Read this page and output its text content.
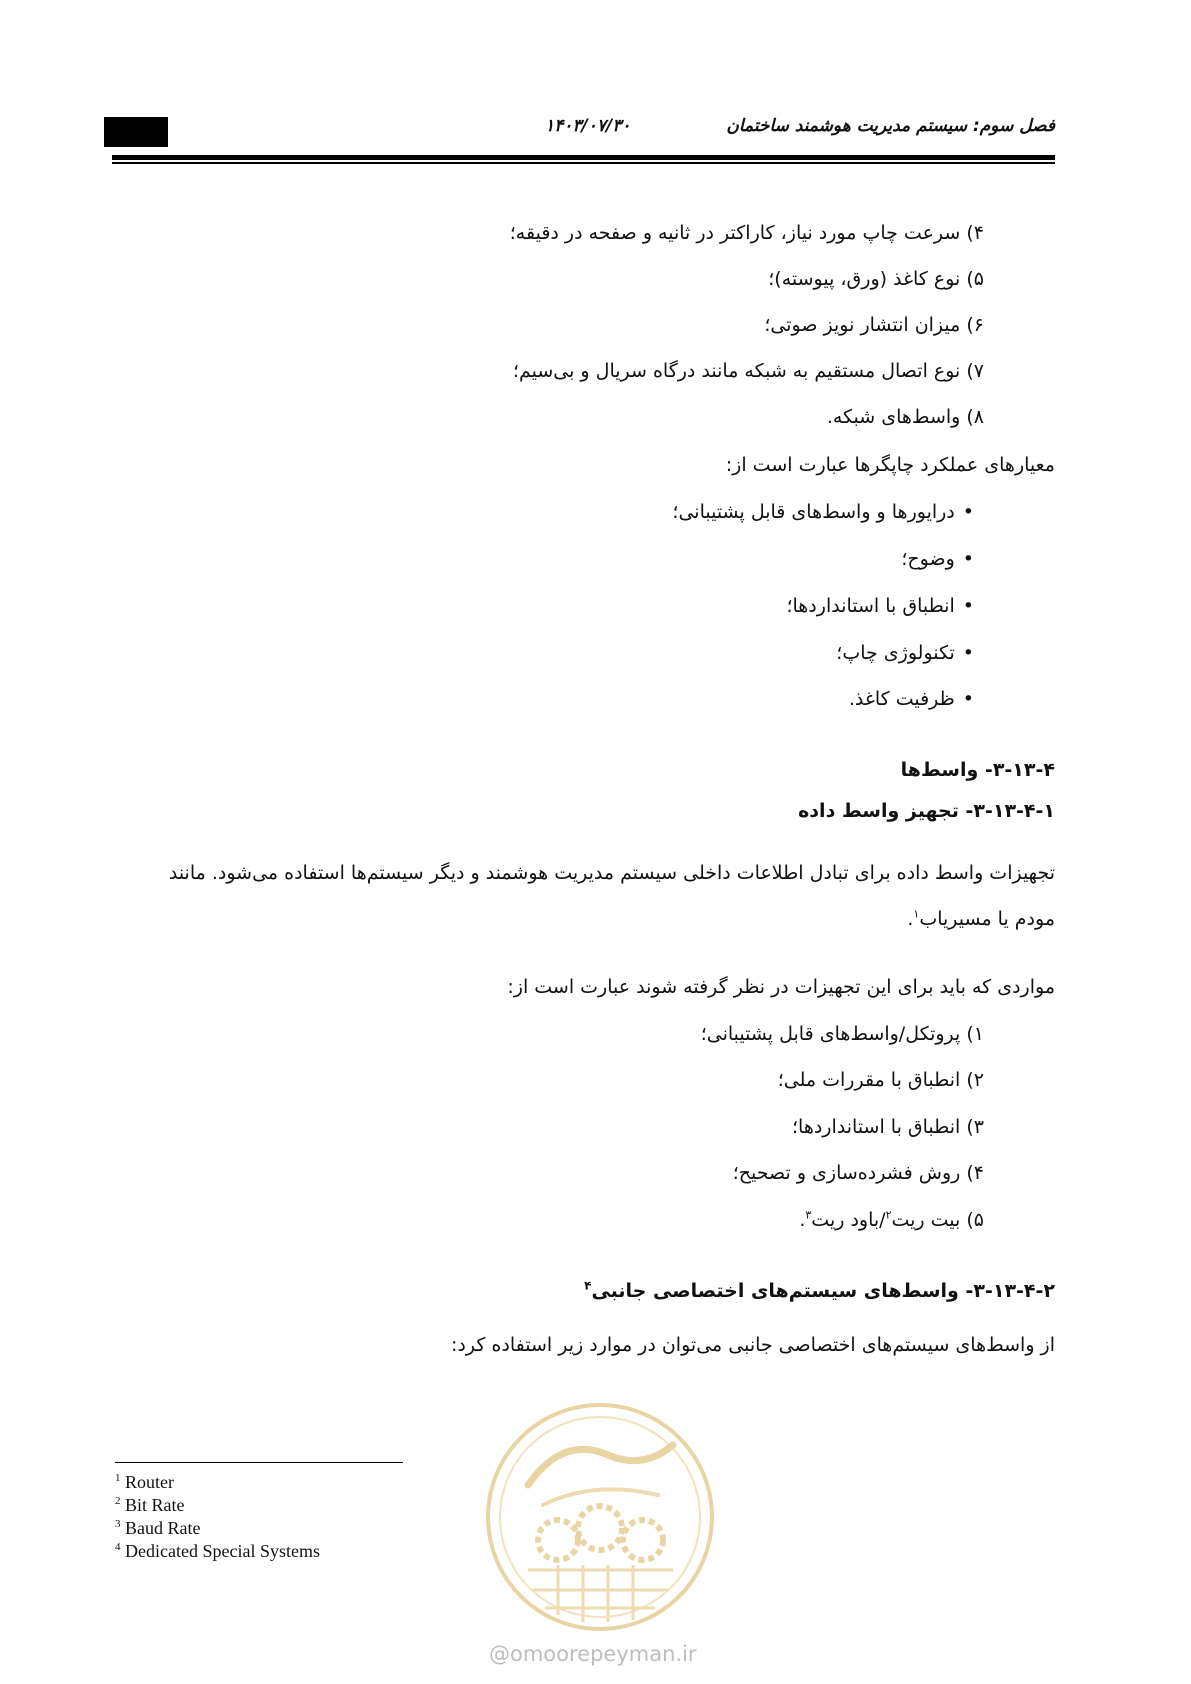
۱۴۰۳/۰۷/۳۰	فصل سوم: سیستم مدیریت هوشمند ساختمان
۴) سرعت چاپ مورد نیاز، کاراکتر در ثانیه و صفحه در دقیقه؛
۵) نوع کاغذ (ورق، پیوسته)؛
۶) میزان انتشار نویز صوتی؛
۷) نوع اتصال مستقیم به شبکه مانند درگاه سریال و بی‌سیم؛
۸) واسط‌های شبکه.
معیارهای عملکرد چاپگرها عبارت است از:
• درایورها و واسط‌های قابل پشتیبانی؛
• وضوح؛
• انطباق با استانداردها؛
• تکنولوژی چاپ؛
• ظرفیت کاغذ.
۳-۱۳-۴- واسط‌ها
۳-۱۳-۴-۱- تجهیز واسط داده
تجهیزات واسط داده برای تبادل اطلاعات داخلی سیستم مدیریت هوشمند و دیگر سیستم‌ها استفاده می‌شود. مانند مودم یا مسیریاب$^۱$.
مواردی که باید برای این تجهیزات در نظر گرفته شوند عبارت است از:
۱) پروتکل/واسط‌های قابل پشتیبانی؛
۲) انطباق با مقررات ملی؛
۳) انطباق با استانداردها؛
۴) روش فشرده‌سازی و تصحیح؛
۵) بیت ریت$^۲$/باود ریت$^۳$.
۳-۱۳-۴-۲- واسط‌های سیستم‌های اختصاصی جانبی$^۴$
از واسط‌های سیستم‌های اختصاصی جانبی می‌توان در موارد زیر استفاده کرد:
$^1$ Router
$^2$ Bit Rate
$^3$ Baud Rate
$^4$ Dedicated Special Systems
@omoorepeyman.ir
